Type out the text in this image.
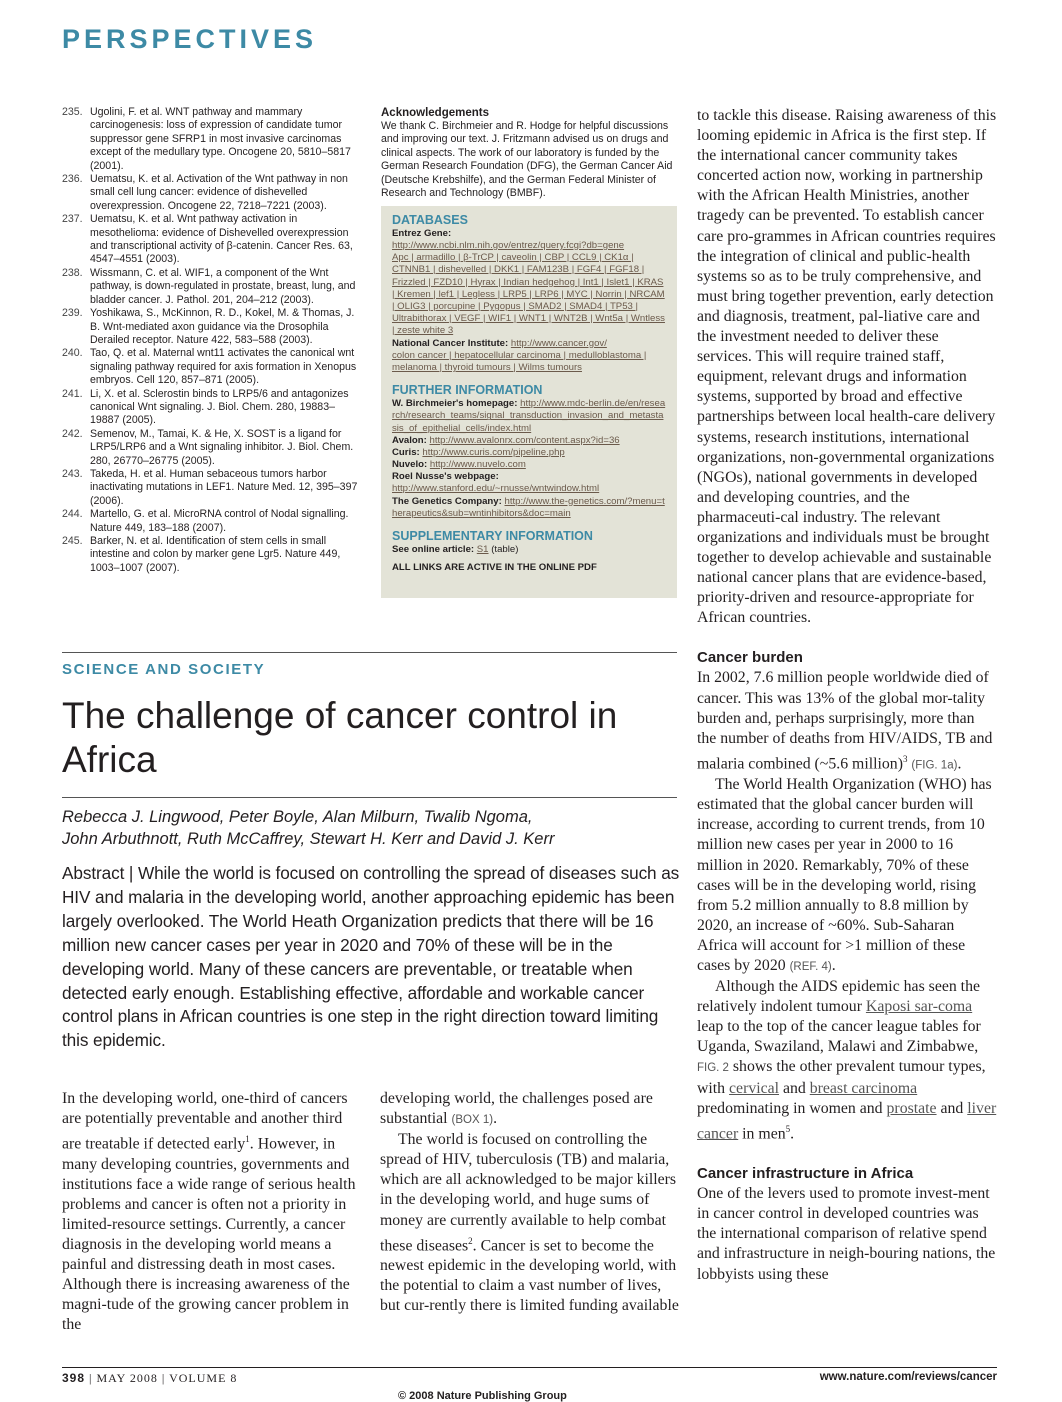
PERSPECTIVES
235. Ugolini, F. et al. WNT pathway and mammary carcinogenesis: loss of expression of candidate tumor suppressor gene SFRP1 in most invasive carcinomas except of the medullary type. Oncogene 20, 5810–5817 (2001).
236. Uematsu, K. et al. Activation of the Wnt pathway in non small cell lung cancer: evidence of dishevelled overexpression. Oncogene 22, 7218–7221 (2003).
237. Uematsu, K. et al. Wnt pathway activation in mesothelioma: evidence of Dishevelled overexpression and transcriptional activity of β-catenin. Cancer Res. 63, 4547–4551 (2003).
238. Wissmann, C. et al. WIF1, a component of the Wnt pathway, is down-regulated in prostate, breast, lung, and bladder cancer. J. Pathol. 201, 204–212 (2003).
239. Yoshikawa, S., McKinnon, R. D., Kokel, M. & Thomas, J. B. Wnt-mediated axon guidance via the Drosophila Derailed receptor. Nature 422, 583–588 (2003).
240. Tao, Q. et al. Maternal wnt11 activates the canonical wnt signaling pathway required for axis formation in Xenopus embryos. Cell 120, 857–871 (2005).
241. Li, X. et al. Sclerostin binds to LRP5/6 and antagonizes canonical Wnt signaling. J. Biol. Chem. 280, 19883–19887 (2005).
242. Semenov, M., Tamai, K. & He, X. SOST is a ligand for LRP5/LRP6 and a Wnt signaling inhibitor. J. Biol. Chem. 280, 26770–26775 (2005).
243. Takeda, H. et al. Human sebaceous tumors harbor inactivating mutations in LEF1. Nature Med. 12, 395–397 (2006).
244. Martello, G. et al. MicroRNA control of Nodal signalling. Nature 449, 183–188 (2007).
245. Barker, N. et al. Identification of stem cells in small intestine and colon by marker gene Lgr5. Nature 449, 1003–1007 (2007).
Acknowledgements
We thank C. Birchmeier and R. Hodge for helpful discussions and improving our text. J. Fritzmann advised us on drugs and clinical aspects. The work of our laboratory is funded by the German Research Foundation (DFG), the German Cancer Aid (Deutsche Krebshilfe), and the German Federal Minister of Research and Technology (BMBF).
DATABASES
Entrez Gene:
http://www.ncbi.nlm.nih.gov/entrez/query.fcgi?db=gene
Apc | armadillo | β-TrCP | caveolin | CBP | CCL9 | CK1α | CTNNB1 | dishevelled | DKK1 | FAM123B | FGF4 | FGF18 | Frizzled | FZD10 | Hyrax | Indian hedgehog | Int1 | Islet1 | KRAS | Kremen | lef1 | Legless | LRP5 | LRP6 | MYC | Norrin | NRCAM | OLIG3 | porcupine | Pygopus | SMAD2 | SMAD4 | TP53 | Ultrabithorax | VEGF | WIF1 | WNT1 | WNT2B | Wnt5a | Wntless | zeste white 3
National Cancer Institute: http://www.cancer.gov/
colon cancer | hepatocellular carcinoma | medulloblastoma | melanoma | thyroid tumours | Wilms tumours
FURTHER INFORMATION
W. Birchmeier's homepage: http://www.mdc-berlin.de/en/research/research_teams/signal_transduction_invasion_and_metastasis_of_epithelial_cells/index.html
Avalon: http://www.avalonrx.com/content.aspx?id=36
Curis: http://www.curis.com/pipeline.php
Nuvelo: http://www.nuvelo.com
Roel Nusse's webpage:
http://www.stanford.edu/~rnusse/wntwindow.html
The Genetics Company: http://www.the-genetics.com/?menu=therapeutics&sub=wntinhibitors&doc=main
SUPPLEMENTARY INFORMATION
See online article: S1 (table)
ALL LINKS ARE ACTIVE IN THE ONLINE PDF
to tackle this disease. Raising awareness of this looming epidemic in Africa is the first step. If the international cancer community takes concerted action now, working in partnership with the African Health Ministries, another tragedy can be prevented. To establish cancer care pro-grammes in African countries requires the integration of clinical and public-health systems so as to be truly comprehensive, and must bring together prevention, early detection and diagnosis, treatment, pal-liative care and the investment needed to deliver these services. This will require trained staff, equipment, relevant drugs and information systems, supported by broad and effective partnerships between local health-care delivery systems, research institutions, international organizations, non-governmental organizations (NGOs), national governments in developed and developing countries, and the pharmaceuti-cal industry. The relevant organizations and individuals must be brought together to develop achievable and sustainable national cancer plans that are evidence-based, priority-driven and resource-appropriate for African countries.
Cancer burden
In 2002, 7.6 million people worldwide died of cancer. This was 13% of the global mor-tality burden and, perhaps surprisingly, more than the number of deaths from HIV/AIDS, TB and malaria combined (~5.6 million)$^3$ (FIG. 1a).
The World Health Organization (WHO) has estimated that the global cancer burden will increase, according to current trends, from 10 million new cases per year in 2000 to 16 million in 2020. Remarkably, 70% of these cases will be in the developing world, rising from 5.2 million annually to 8.8 million by 2020, an increase of ~60%. Sub-Saharan Africa will account for >1 million of these cases by 2020 (REF. 4).
Although the AIDS epidemic has seen the relatively indolent tumour Kaposi sar-coma leap to the top of the cancer league tables for Uganda, Swaziland, Malawi and Zimbabwe, FIG. 2 shows the other prevalent tumour types, with cervical and breast carcinoma predominating in women and prostate and liver cancer in men$^5$.
Cancer infrastructure in Africa
One of the levers used to promote invest-ment in cancer control in developed countries was the international comparison of relative spend and infrastructure in neigh-bouring nations, the lobbyists using these
SCIENCE AND SOCIETY
The challenge of cancer control in Africa
Rebecca J. Lingwood, Peter Boyle, Alan Milburn, Twalib Ngoma,
John Arbuthnott, Ruth McCaffrey, Stewart H. Kerr and David J. Kerr
Abstract | While the world is focused on controlling the spread of diseases such as HIV and malaria in the developing world, another approaching epidemic has been largely overlooked. The World Heath Organization predicts that there will be 16 million new cancer cases per year in 2020 and 70% of these will be in the developing world. Many of these cancers are preventable, or treatable when detected early enough. Establishing effective, affordable and workable cancer control plans in African countries is one step in the right direction toward limiting this epidemic.
In the developing world, one-third of cancers are potentially preventable and another third are treatable if detected early$^1$. However, in many developing countries, governments and institutions face a wide range of serious health problems and cancer is often not a priority in limited-resource settings. Currently, a cancer diagnosis in the developing world means a painful and distressing death in most cases. Although there is increasing awareness of the magni-tude of the growing cancer problem in the
developing world, the challenges posed are substantial (BOX 1).
The world is focused on controlling the spread of HIV, tuberculosis (TB) and malaria, which are all acknowledged to be major killers in the developing world, and huge sums of money are currently available to help combat these diseases$^2$. Cancer is set to become the newest epidemic in the developing world, with the potential to claim a vast number of lives, but cur-rently there is limited funding available
398 | MAY 2008 | VOLUME 8	www.nature.com/reviews/cancer
© 2008 Nature Publishing Group
